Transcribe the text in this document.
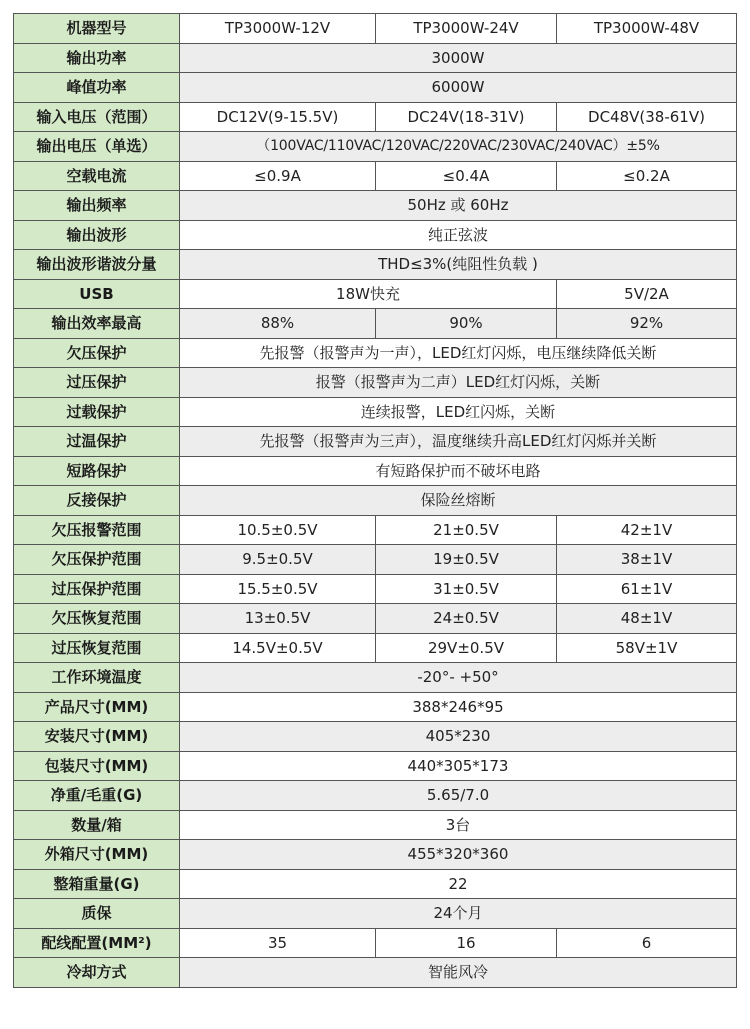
机器型号	TP3000W-12V	TP3000W-24V	TP3000W-48V
输出功率	3000W		
峰值功率	6000W		
输入电压（范围）	DC12V(9-15.5V)	DC24V(18-31V)	DC48V(38-61V)
输出电压（单选）	（100VAC/110VAC/120VAC/220VAC/230VAC/240VAC）±5%		
空载电流	≤0.9A	≤0.4A	≤0.2A
输出频率	50Hz 或 60Hz		
输出波形	纯正弦波		
输出波形谐波分量	THD≤3%(纯阻性负载 )		
USB	18W快充		5V/2A
输出效率最高	88%	90%	92%
欠压保护	先报警（报警声为一声），LED红灯闪烁，电压继续降低关断		
过压保护	报警（报警声为二声）LED红灯闪烁，关断		
过载保护	连续报警，LED红闪烁，关断		
过温保护	先报警（报警声为三声），温度继续升高LED红灯闪烁并关断		
短路保护	有短路保护而不破坏电路		
反接保护	保险丝熔断		
欠压报警范围	10.5±0.5V	21±0.5V	42±1V
欠压保护范围	9.5±0.5V	19±0.5V	38±1V
过压保护范围	15.5±0.5V	31±0.5V	61±1V
欠压恢复范围	13±0.5V	24±0.5V	48±1V
过压恢复范围	14.5V±0.5V	29V±0.5V	58V±1V
工作环境温度	-20°- +50°		
产品尺寸(MM)	388*246*95		
安装尺寸(MM)	405*230		
包装尺寸(MM)	440*305*173		
净重/毛重(G)	5.65/7.0		
数量/箱	3台		
外箱尺寸(MM)	455*320*360		
整箱重量(G)	22		
质保	24个月		
配线配置(MM²)	35	16	6
冷却方式	智能风冷		
